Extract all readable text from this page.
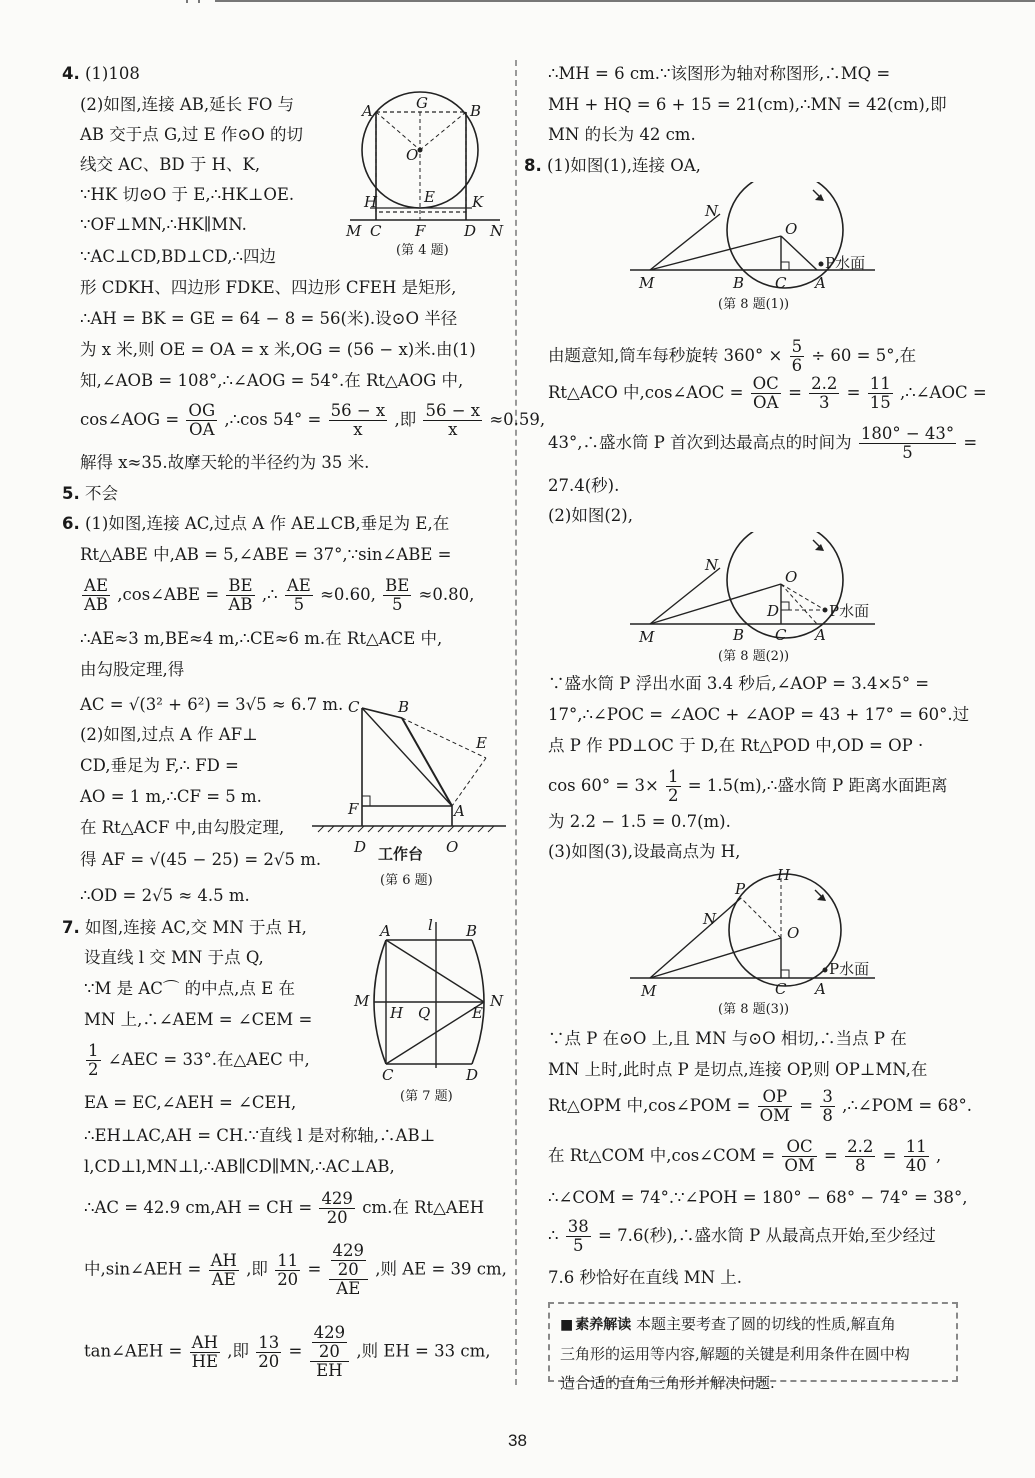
4. (1)108
(2)如图,连接 AB,延长 FO 与
AB 交于点 G,过 E 作⊙O 的切
线交 AC、BD 于 H、K,
∵HK 切⊙O 于 E,∴HK⊥OE.
∵OF⊥MN,∴HK∥MN.
∵AC⊥CD,BD⊥CD,∴四边
形 CDKH、四边形 FDKE、四边形 CFEH 是矩形,
∴AH = BK = GE = 64 − 8 = 56(米).设⊙O 半径
为 x 米,则 OE = OA = x 米,OG = (56 − x)米.由(1)
知,∠AOB = 108°,∴∠AOG = 54°.在 Rt△AOG 中,
cos∠AOG = $\frac{OG}{OA}$ ,∴cos $54^\circ = \frac{56 - x}{x}$ ,即 $\frac{56 - x}{x} \approx 0.59$,
解得 x≈35.故摩天轮的半径约为 35 米.
5. 不会
6. (1)如图,连接 AC,过点 A 作 AE⊥CB,垂足为 E,在
Rt△ABE 中,AB = 5,∠ABE = 37°,∵sin∠ABE =
$\frac{AE}{AB}$ ,cos∠ABE = $\frac{BE}{AB}$ ,∴ $\frac{AE}{5} \approx 0.60$, $\frac{BE}{5} \approx 0.80$,
∴AE≈3 m,BE≈4 m,∴CE≈6 m.在 Rt△ACE 中,
由勾股定理,得
AC = √(3² + 6²) = 3√5 ≈ 6.7 m.
(2)如图,过点 A 作 AF⊥
CD,垂足为 F,∴ FD =
AO = 1 m,∴CF = 5 m.
在 Rt△ACF 中,由勾股定理,
得 AF = √(45 − 25) = 2√5 m.
∴OD = 2√5 ≈ 4.5 m.
7. 如图,连接 AC,交 MN 于点 H,
设直线 l 交 MN 于点 Q,
∵M 是 AC⌒ 的中点,点 E 在
MN 上,∴∠AEM = ∠CEM =
$\frac{1}{2}$ ∠AEC = 33°.在△AEC 中,
EA = EC,∠AEH = ∠CEH,
∴EH⊥AC,AH = CH.∵直线 l 是对称轴,∴AB⊥
l,CD⊥l,MN⊥l,∴AB∥CD∥MN,∴AC⊥AB,
∴AC = 42.9 cm,AH = CH = $\frac{429}{20}$ cm.在 Rt△AEH
中,sin∠AEH = $\frac{AH}{AE}$ ,即 $\frac{11}{20} = \frac{\frac{429}{20}}{AE}$ ,则 AE = 39 cm,
tan∠AEH = $\frac{AH}{HE}$ ,即 $\frac{13}{20} = \frac{\frac{429}{20}}{EH}$ ,则 EH = 33 cm,
A	G	B
O
H	E K
M C F	D N
(第 4 题)
C	B
E
F	A
D	O
工作台
(第 6 题)
A l B
M
H Q	E
N
C	D
(第 7 题)
∴MH = 6 cm.∵该图形为轴对称图形,∴MQ =
MH + HQ = 6 + 15 = 21(cm),∴MN = 42(cm),即
MN 的长为 42 cm.
8. (1)如图(1),连接 OA,
由题意知,筒车每秒旋转 $360^\circ \times \frac{5}{6} \div 60 = 5^\circ$,在
Rt△ACO 中,cos∠AOC = $\frac{OC}{OA} = \frac{2.2}{3} = \frac{11}{15}$ ,∴∠AOC =
43°,∴盛水筒 P 首次到达最高点的时间为 $\frac{180^\circ - 43^\circ}{5}$ =
27.4(秒).
(2)如图(2),
∵盛水筒 P 浮出水面 3.4 秒后,∠AOP = 3.4×5° =
17°,∴∠POC = ∠AOC + ∠AOP = 43 + 17° = 60°.过
点 P 作 PD⊥OC 于 D,在 Rt△POD 中,OD = OP ·
$\cos 60^\circ = 3\times \frac{1}{2}$ = 1.5(m),∴盛水筒 P 距离水面距离
为 2.2 − 1.5 = 0.7(m).
(3)如图(3),设最高点为 H,
∵点 P 在⊙O 上,且 MN 与⊙O 相切,∴当点 P 在
MN 上时,此时点 P 是切点,连接 OP,则 OP⊥MN,在
Rt△OPM 中,cos∠POM = $\frac{OP}{OM} = \frac{3}{8}$ ,∴∠POM = 68°.
在 Rt△COM 中,cos∠COM = $\frac{OC}{OM} = \frac{2.2}{8} = \frac{11}{40}$ ,
∴∠COM = 74°.∵∠POH = 180° − 68° − 74° = 38°,
∴ $\frac{38}{5} = 7.6$(秒),∴盛水筒 P 从最高点开始,至少经过
7.6 秒恰好在直线 MN 上.
N
O
P水面
M	B C A
(第 8 题(1))
N
O
D	P水面
M	B C A
(第 8 题(2))
P
H
N
O
P水面
M	C A
(第 8 题(3))
■ 素养解读 本题主要考查了圆的切线的性质,解直角
三角形的运用等内容,解题的关键是利用条件在圆中构
造合适的直角三角形并解决问题.
38
